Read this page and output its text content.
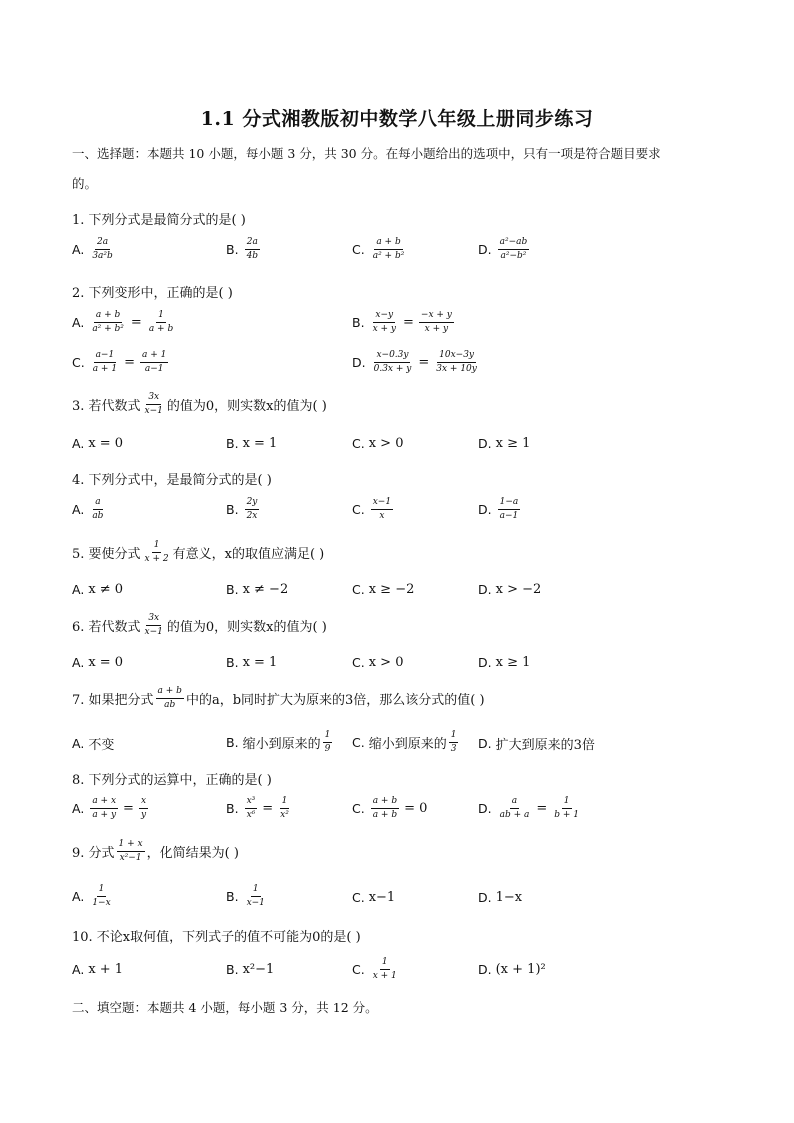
1.1 分式湘教版初中数学八年级上册同步练习
一、选择题：本题共 10 小题，每小题 3 分，共 30 分。在每小题给出的选项中，只有一项是符合题目要求
的。
1. 下列分式是最简分式的是( )
A. $\frac{2a}{\text{3a²b}}$	B. $\frac{2a}{4b}$	C. $\frac{a + b}{\text{a² + b²}}$	D. $\frac{\text{a²−ab}}{\text{a²−b²}}$
2. 下列变形中，正确的是( )
A. $\frac{a + b}{\text{a² + b²}} = \frac{1}{a + b}$	B. $\frac{x-y}{x + y} = \frac{-x + y}{x + y}$
C. $\frac{a-1}{a + 1} = \frac{a + 1}{a-1}$	D. $\frac{x-0.3y}{0.3x + y} = \frac{10x-3y}{3x + 10y}$
3. 若代数式 $\frac{3x}{x-1}$ 的值为0，则实数x的值为( )
A. x = 0	B. x = 1	C. x > 0	D. x ≥ 1
4. 下列分式中，是最简分式的是( )
A. $\frac{a}{ab}$	B. $\frac{2y}{2x}$	C. $\frac{x-1}{x}$	D. $\frac{1-a}{a-1}$
5. 要使分式 $\frac{1}{x + 2}$ 有意义，x的取值应满足( )
A. x ≠ 0	B. x ≠ −2	C. x ≥ −2	D. x > −2
6. 若代数式 $\frac{3x}{x-1}$ 的值为0，则实数x的值为( )
A. x = 0	B. x = 1	C. x > 0	D. x ≥ 1
7. 如果把分式 $\frac{a + b}{ab}$ 中的a，b同时扩大为原来的3倍，那么该分式的值( )
A. 不变	B. 缩小到原来的 $\frac{1}{9} C$. 缩小到原来的 $\frac{1}{3} D$. 扩大到原来的3倍
8. 下列分式的运算中，正确的是( )
A. $\frac{a + x}{a + y} = \frac{x}{y}$	B. $\frac{\text{x³}}{\text{x⁶}} = \frac{1}{\text{x²}}$	C. $\frac{a + b}{a + b} = 0$	D. $\frac{a}{ab + a} = \frac{1}{b + 1}$
9. 分式 $\frac{1 + x}{\text{x²−1}}$ ，化简结果为( )
A. $\frac{1}{1-x}$	B. $\frac{1}{x-1}$	C. x−1	D. 1−x
10. 不论x取何值，下列式子的值不可能为0的是( )
A. x + 1	B. x²−1	C. $\frac{1}{x + 1}$	D. (x + 1)²
二、填空题：本题共 4 小题，每小题 3 分，共 12 分。
